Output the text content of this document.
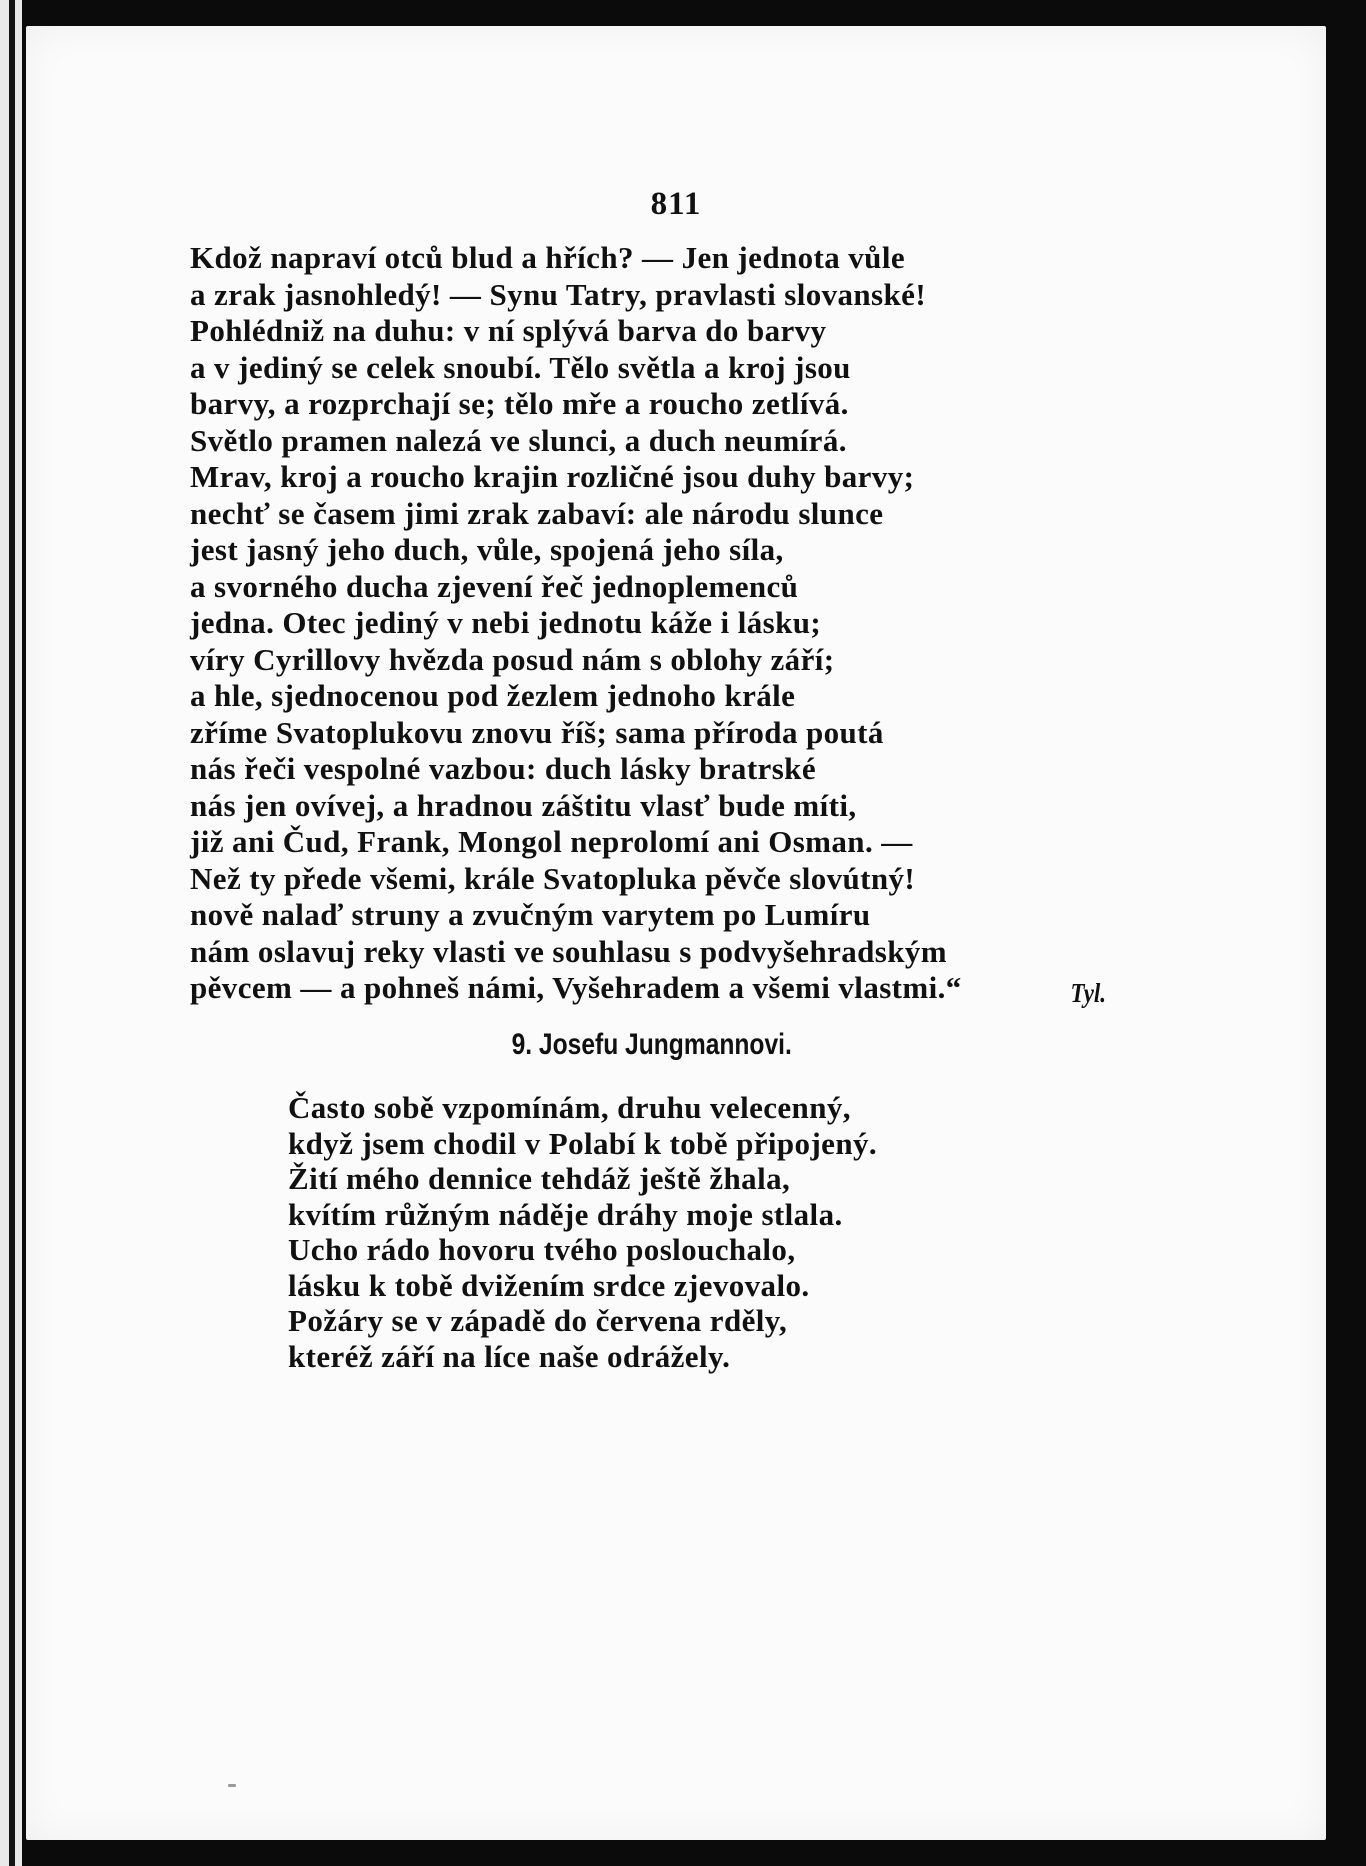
811
Kdož napraví otců blud a hřích? — Jen jednota vůle
a zrak jasnohledý! — Synu Tatry, pravlasti slovanské!
Pohlédniž na duhu: v ní splývá barva do barvy
a v jediný se celek snoubí. Tělo světla a kroj jsou
barvy, a rozprchají se; tělo mře a roucho zetlívá.
Světlo pramen nalezá ve slunci, a duch neumírá.
Mrav, kroj a roucho krajin rozličné jsou duhy barvy;
nechť se časem jimi zrak zabaví: ale národu slunce
jest jasný jeho duch, vůle, spojená jeho síla,
a svorného ducha zjevení řeč jednoplemenců
jedna. Otec jediný v nebi jednotu káže i lásku;
víry Cyrillovy hvězda posud nám s oblohy září;
a hle, sjednocenou pod žezlem jednoho krále
zříme Svatoplukovu znovu říš; sama příroda poutá
nás řeči vespolné vazbou: duch lásky bratrské
nás jen ovívej, a hradnou záštitu vlasť bude míti,
již ani Čud, Frank, Mongol neprolomí ani Osman. —
Než ty přede všemi, krále Svatopluka pěvče slovútný!
nově nalaď struny a zvučným varytem po Lumíru
nám oslavuj reky vlasti ve souhlasu s podvyšehradským
pěvcem — a pohneš námi, Vyšehradem a všemi vlastmi.“	Tyl.
9. Josefu Jungmannovi.
Často sobě vzpomínám, druhu velecenný,
když jsem chodil v Polabí k tobě připojený.
Žití mého dennice tehdáž ještě žhala,
kvítím růžným náděje dráhy moje stlala.
Ucho rádo hovoru tvého poslouchalo,
lásku k tobě dvižením srdce zjevovalo.
Požáry se v západě do červena rděly,
kteréž září na líce naše odrážely.
